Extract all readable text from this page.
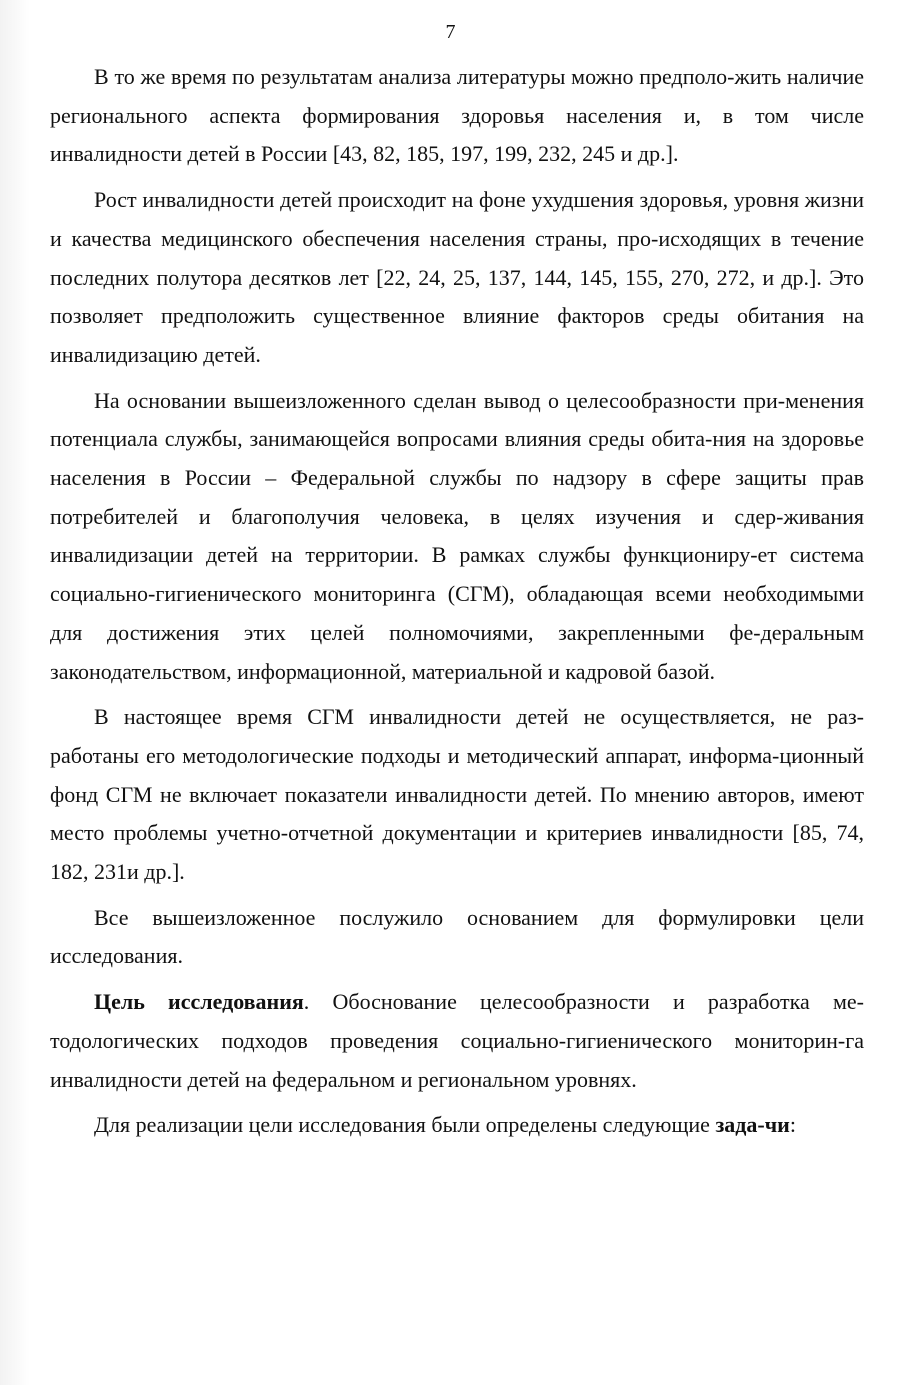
7

В то же время по результатам анализа литературы можно предполо-жить наличие регионального аспекта формирования здоровья населения и, в том числе инвалидности детей в России [43, 82, 185, 197, 199, 232, 245 и др.].

Рост инвалидности детей происходит на фоне ухудшения здоровья, уровня жизни и качества медицинского обеспечения населения страны, про-исходящих в течение последних полутора десятков лет [22, 24, 25, 137, 144, 145, 155, 270, 272, и др.]. Это позволяет предположить существенное влияние факторов среды обитания на инвалидизацию детей.

На основании вышеизложенного сделан вывод о целесообразности при-менения потенциала службы, занимающейся вопросами влияния среды обита-ния на здоровье населения в России – Федеральной службы по надзору в сфере защиты прав потребителей и благополучия человека, в целях изучения и сдер-живания инвалидизации детей на территории. В рамках службы функциониру-ет система социально-гигиенического мониторинга (СГМ), обладающая всеми необходимыми для достижения этих целей полномочиями, закрепленными фе-деральным законодательством, информационной, материальной и кадровой базой.

В настоящее время СГМ инвалидности детей не осуществляется, не раз-работаны его методологические подходы и методический аппарат, информа-ционный фонд СГМ не включает показатели инвалидности детей. По мнению авторов, имеют место проблемы учетно-отчетной документации и критериев инвалидности [85, 74, 182, 231и др.].

Все вышеизложенное послужило основанием для формулировки цели исследования.

Цель исследования. Обоснование целесообразности и разработка ме-тодологических подходов проведения социально-гигиенического мониторин-га инвалидности детей на федеральном и региональном уровнях.

Для реализации цели исследования были определены следующие зада-чи:
